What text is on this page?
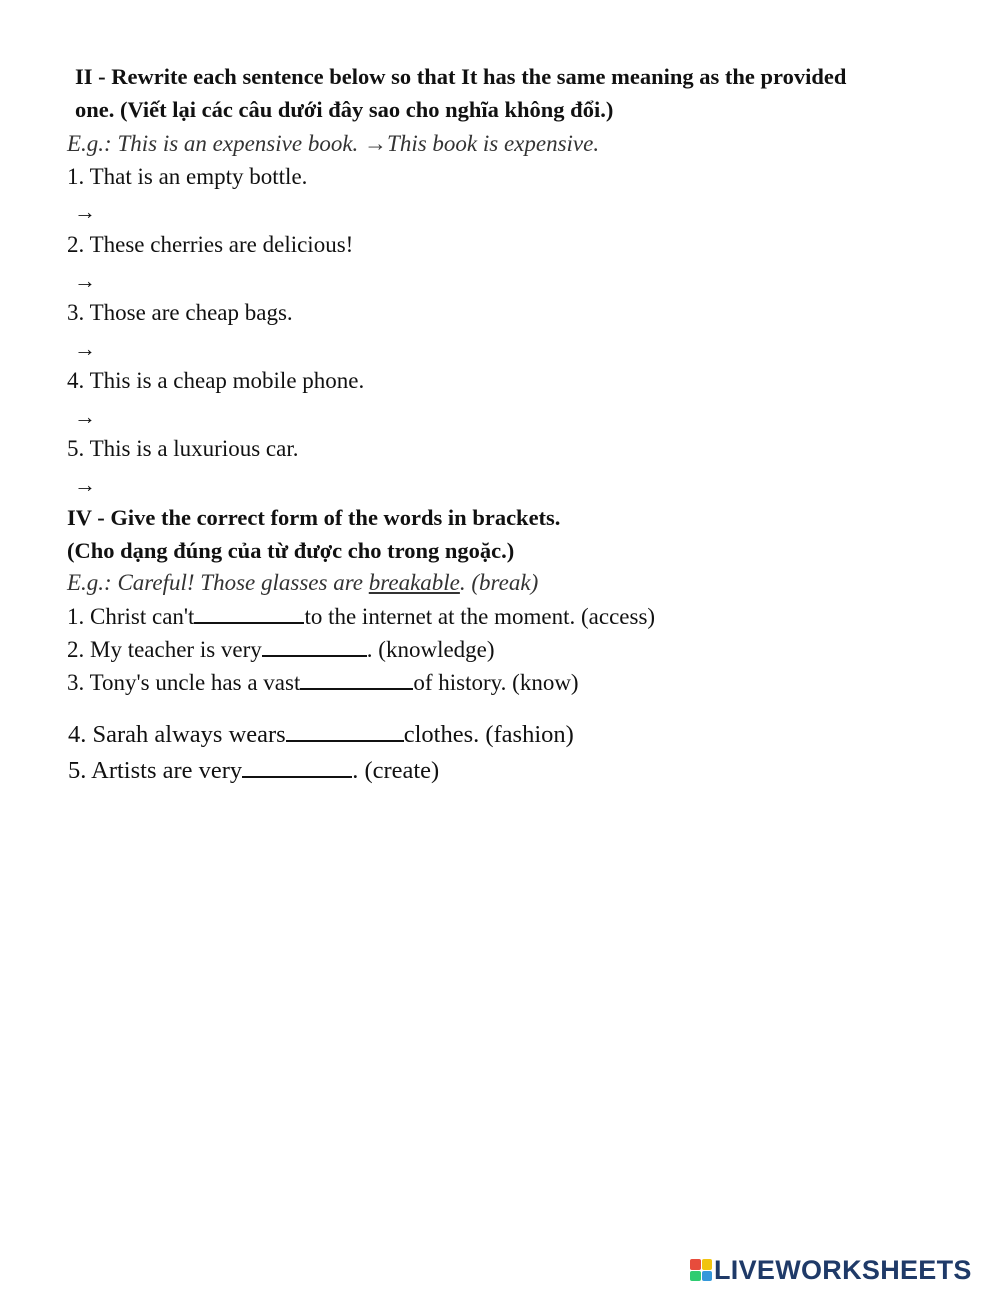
II - Rewrite each sentence below so that It has the same meaning as the provided
one. (Viết lại các câu dưới đây sao cho nghĩa không đổi.)
E.g.: This is an expensive book. →This book is expensive.
1. That is an empty bottle.
→
2. These cherries are delicious!
→
3. Those are cheap bags.
→
4. This is a cheap mobile phone.
→
5. This is a luxurious car.
→
IV - Give the correct form of the words in brackets.
(Cho dạng đúng của từ được cho trong ngoặc.)
E.g.: Careful! Those glasses are breakable. (break)
1. Christ can't	to the internet at the moment. (access)
2. My teacher is very	. (knowledge)
3. Tony's uncle has a vast	of history. (know)
4. Sarah always wears	clothes. (fashion)
5. Artists are very	. (create)
LIVEWORKSHEETS
